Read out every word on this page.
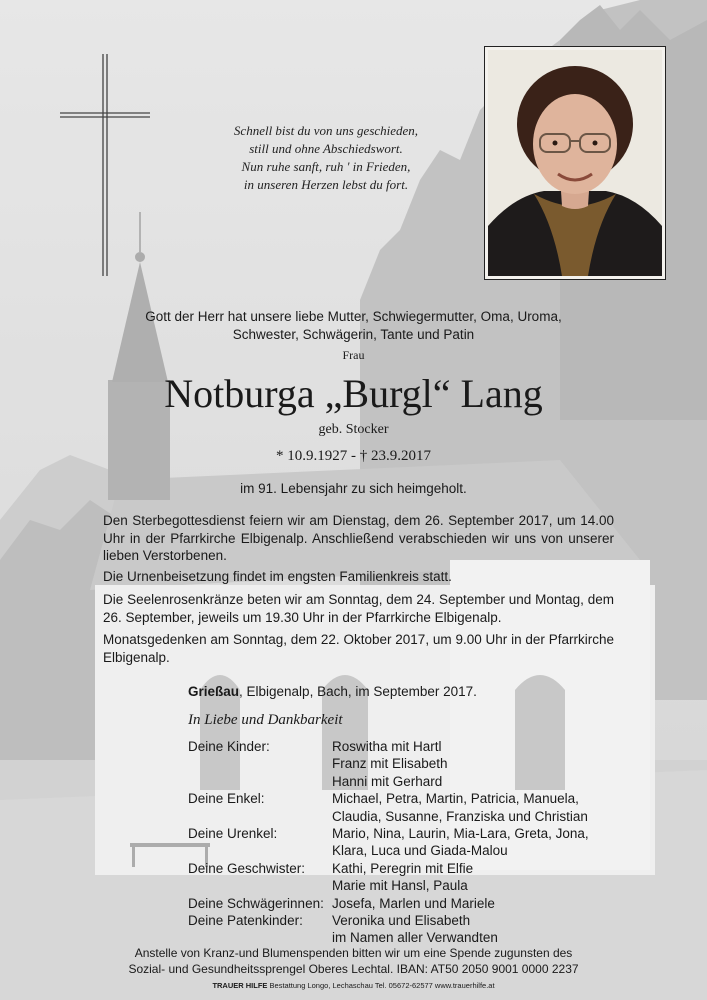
Schnell bist du von uns geschieden,
still und ohne Abschiedswort.
Nun ruhe sanft, ruh ' in Frieden,
in unseren Herzen lebst du fort.
Gott der Herr hat unsere liebe Mutter, Schwiegermutter, Oma, Uroma,
Schwester, Schwägerin, Tante und Patin
Frau
Notburga „Burgl“ Lang
geb. Stocker
* 10.9.1927 - † 23.9.2017
im 91. Lebensjahr zu sich heimgeholt.

Den Sterbegottesdienst feiern wir am Dienstag, dem 26. September 2017, um 14.00 Uhr in der Pfarrkirche Elbigenalp. Anschließend verabschieden wir uns von unserer lieben Verstorbenen.

Die Urnenbeisetzung findet im engsten Familienkreis statt.

Die Seelenrosenkränze beten wir am Sonntag, dem 24. September und Montag, dem 26. September, jeweils um 19.30 Uhr in der Pfarrkirche Elbigenalp.

Monatsgedenken am Sonntag, dem 22. Oktober 2017, um 9.00 Uhr in der Pfarrkirche Elbigenalp.

Grießau, Elbigenalp, Bach, im September 2017.
In Liebe und Dankbarkeit
Deine Kinder:	Roswitha mit Hartl
Franz mit Elisabeth
Hanni mit Gerhard
Deine Enkel:	Michael, Petra, Martin, Patricia, Manuela,
Claudia, Susanne, Franziska und Christian
Deine Urenkel:	Mario, Nina, Laurin, Mia-Lara, Greta, Jona,
Klara, Luca und Giada-Malou
Deine Geschwister:	Kathi, Peregrin mit Elfie
Marie mit Hansl, Paula
Deine Schwägerinnen: Josefa, Marlen und Mariele
Deine Patenkinder:	Veronika und Elisabeth
im Namen aller Verwandten
Anstelle von Kranz-und Blumenspenden bitten wir um eine Spende zugunsten des
Sozial- und Gesundheitssprengel Oberes Lechtal. IBAN: AT50 2050 9001 0000 2237
TRAUER HILFE Bestattung Longo, Lechaschau Tel. 05672-62577 www.trauerhilfe.at
